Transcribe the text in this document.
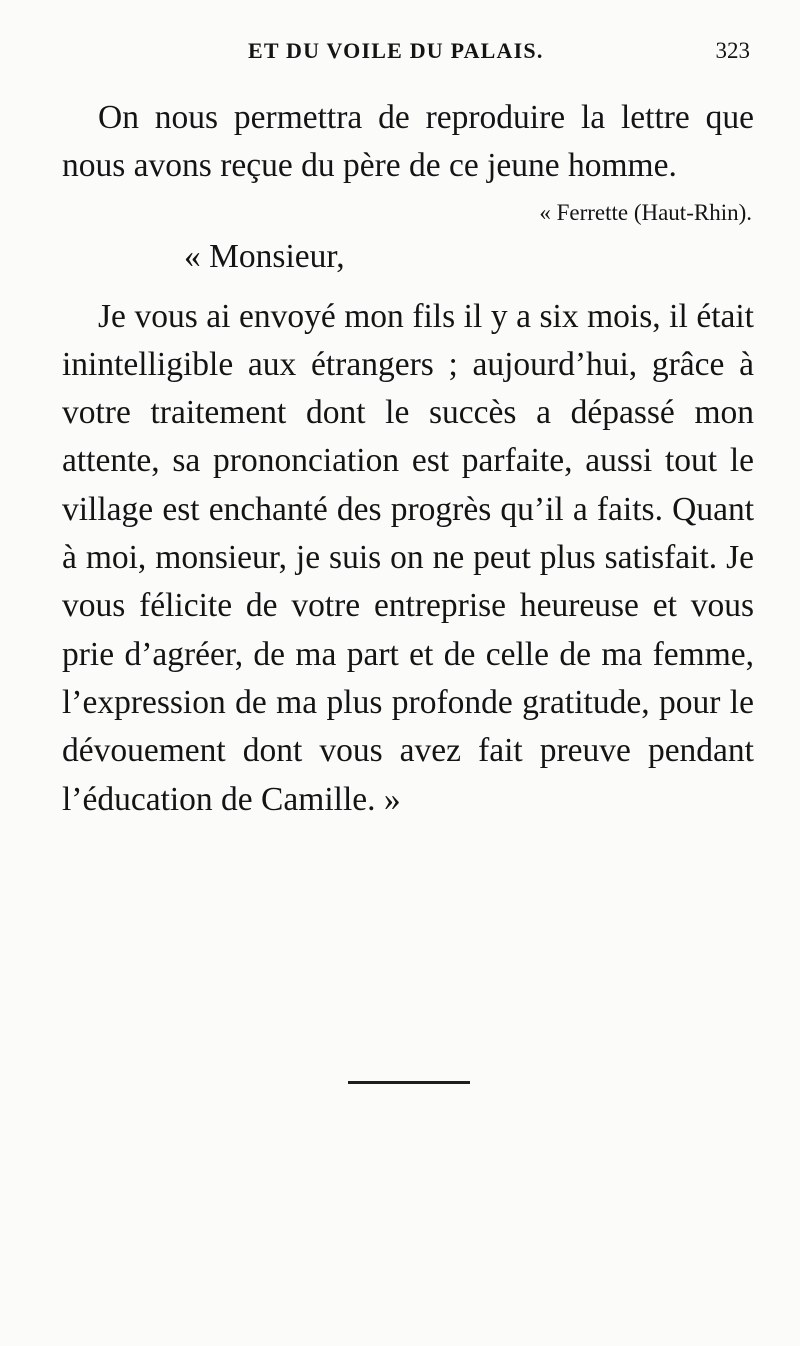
ET DU VOILE DU PALAIS.	323

On nous permettra de reproduire la lettre que nous avons reçue du père de ce jeune homme.

« Ferrette (Haut-Rhin).

« Monsieur,

Je vous ai envoyé mon fils il y a six mois, il était inintelligible aux étrangers ; aujourd’hui, grâce à votre traitement dont le succès a dépassé mon attente, sa prononciation est parfaite, aussi tout le village est enchanté des progrès qu’il a faits. Quant à moi, monsieur, je suis on ne peut plus satisfait. Je vous félicite de votre entreprise heureuse et vous prie d’agréer, de ma part et de celle de ma femme, l’expression de ma plus profonde gratitude, pour le dévouement dont vous avez fait preuve pendant l’éducation de Camille. »
